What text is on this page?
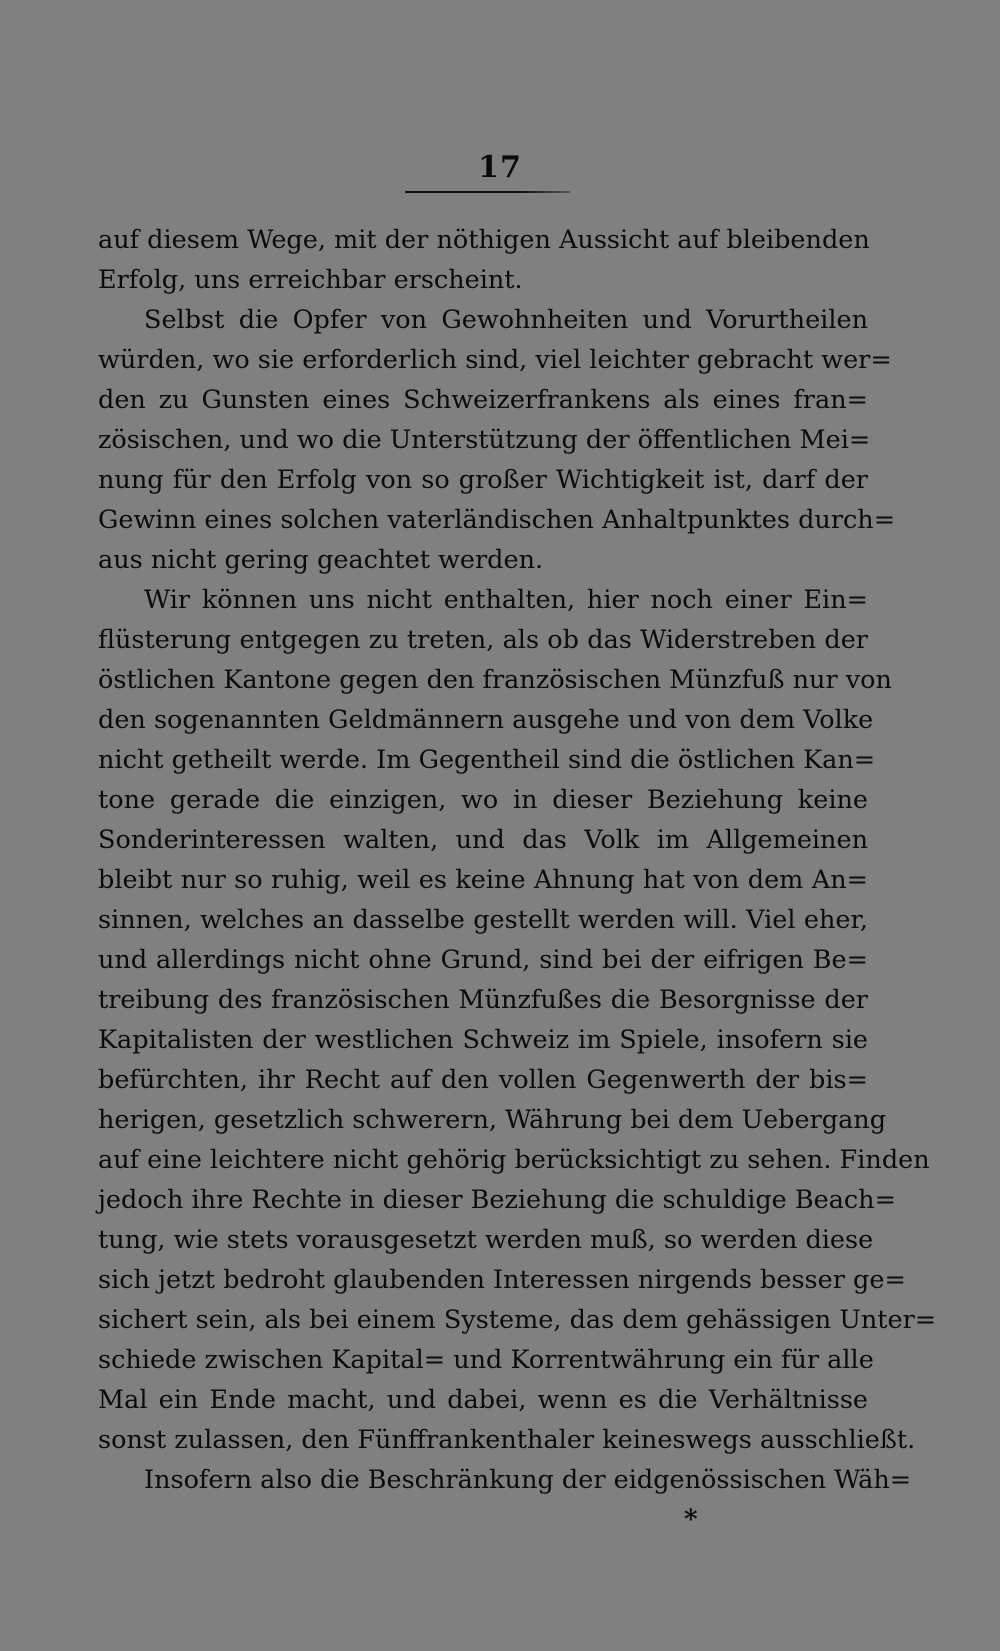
17
auf diesem Wege, mit der nöthigen Aussicht auf bleibenden
Erfolg, uns erreichbar erscheint.
Selbst die Opfer von Gewohnheiten und Vorurtheilen
würden, wo sie erforderlich sind, viel leichter gebracht wer=
den zu Gunsten eines Schweizerfrankens als eines fran=
zösischen, und wo die Unterstützung der öffentlichen Mei=
nung für den Erfolg von so großer Wichtigkeit ist, darf der
Gewinn eines solchen vaterländischen Anhaltpunktes durch=
aus nicht gering geachtet werden.
Wir können uns nicht enthalten, hier noch einer Ein=
flüsterung entgegen zu treten, als ob das Widerstreben der
östlichen Kantone gegen den französischen Münzfuß nur von
den sogenannten Geldmännern ausgehe und von dem Volke
nicht getheilt werde. Im Gegentheil sind die östlichen Kan=
tone gerade die einzigen, wo in dieser Beziehung keine
Sonderinteressen walten, und das Volk im Allgemeinen
bleibt nur so ruhig, weil es keine Ahnung hat von dem An=
sinnen, welches an dasselbe gestellt werden will. Viel eher,
und allerdings nicht ohne Grund, sind bei der eifrigen Be=
treibung des französischen Münzfußes die Besorgnisse der
Kapitalisten der westlichen Schweiz im Spiele, insofern sie
befürchten, ihr Recht auf den vollen Gegenwerth der bis=
herigen, gesetzlich schwerern, Währung bei dem Uebergang
auf eine leichtere nicht gehörig berücksichtigt zu sehen. Finden
jedoch ihre Rechte in dieser Beziehung die schuldige Beach=
tung, wie stets vorausgesetzt werden muß, so werden diese
sich jetzt bedroht glaubenden Interessen nirgends besser ge=
sichert sein, als bei einem Systeme, das dem gehässigen Unter=
schiede zwischen Kapital= und Korrentwährung ein für alle
Mal ein Ende macht, und dabei, wenn es die Verhältnisse
sonst zulassen, den Fünffrankenthaler keineswegs ausschließt.
Insofern also die Beschränkung der eidgenössischen Wäh=
*
